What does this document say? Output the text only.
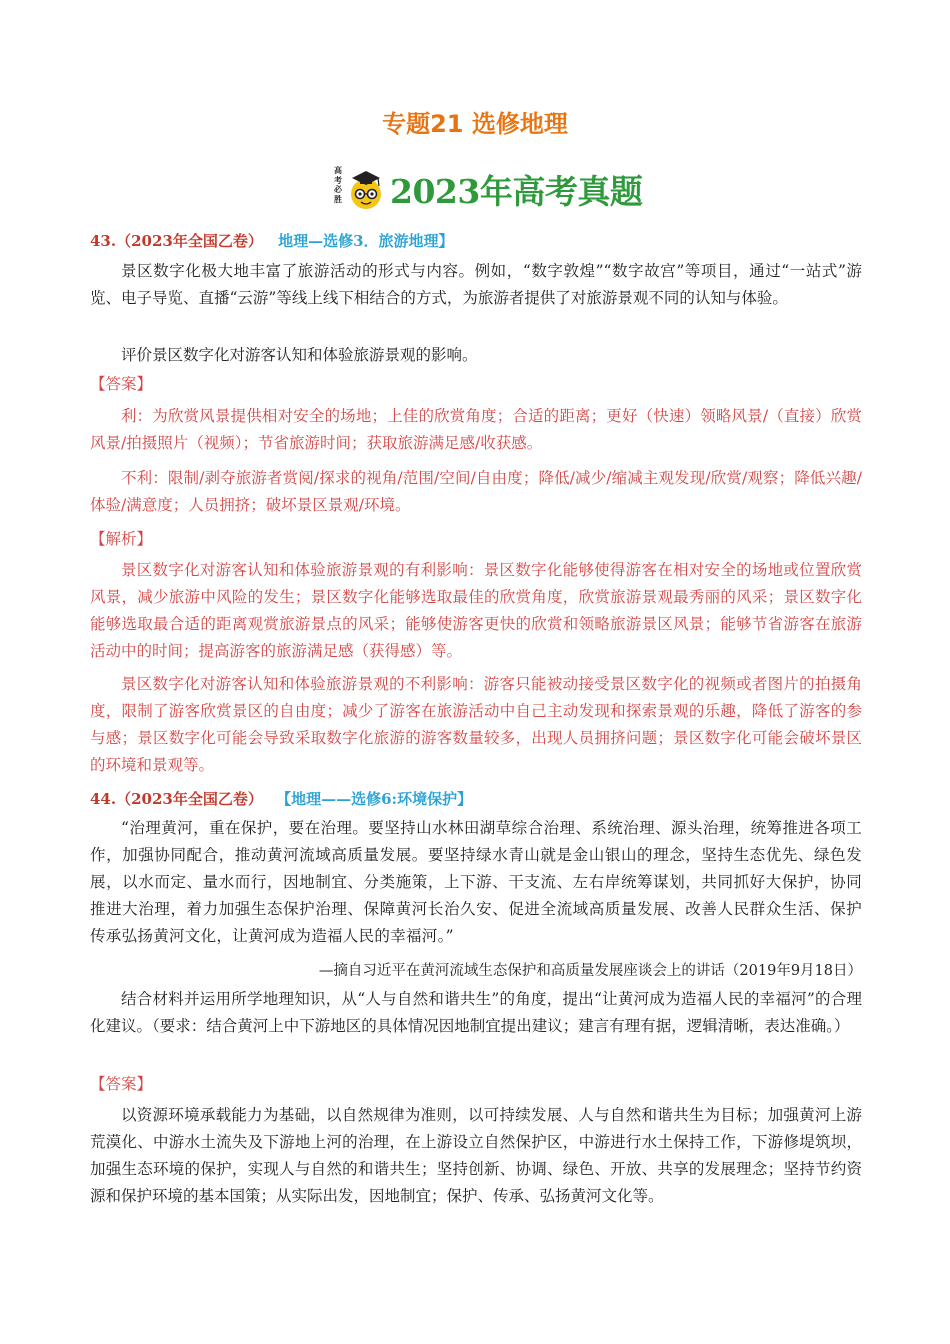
专题21 选修地理
高
考
必
胜 2023年高考真题
43.（2023年全国乙卷） 地理—选修3．旅游地理】
景区数字化极大地丰富了旅游活动的形式与内容。例如，“数字敦煌”“数字故宫”等项目，通过“一站式”游览、电子导览、直播“云游”等线上线下相结合的方式，为旅游者提供了对旅游景观不同的认知与体验。
评价景区数字化对游客认知和体验旅游景观的影响。
【答案】
利：为欣赏风景提供相对安全的场地；上佳的欣赏角度；合适的距离；更好（快速）领略风景/（直接）欣赏风景/拍摄照片（视频）；节省旅游时间；获取旅游满足感/收获感。
不利：限制/剥夺旅游者赏阅/探求的视角/范围/空间/自由度；降低/减少/缩减主观发现/欣赏/观察；降低兴趣/体验/满意度；人员拥挤；破坏景区景观/环境。
【解析】
景区数字化对游客认知和体验旅游景观的有利影响：景区数字化能够使得游客在相对安全的场地或位置欣赏风景，减少旅游中风险的发生；景区数字化能够选取最佳的欣赏角度，欣赏旅游景观最秀丽的风采；景区数字化能够选取最合适的距离观赏旅游景点的风采；能够使游客更快的欣赏和领略旅游景区风景；能够节省游客在旅游活动中的时间；提高游客的旅游满足感（获得感）等。
景区数字化对游客认知和体验旅游景观的不利影响：游客只能被动接受景区数字化的视频或者图片的拍摄角度，限制了游客欣赏景区的自由度；减少了游客在旅游活动中自己主动发现和探索景观的乐趣，降低了游客的参与感；景区数字化可能会导致采取数字化旅游的游客数量较多，出现人员拥挤问题；景区数字化可能会破坏景区的环境和景观等。
44.（2023年全国乙卷） 【地理——选修6:环境保护】
“治理黄河，重在保护，要在治理。要坚持山水林田湖草综合治理、系统治理、源头治理，统筹推进各项工作，加强协同配合，推动黄河流域高质量发展。要坚持绿水青山就是金山银山的理念，坚持生态优先、绿色发展，以水而定、量水而行，因地制宜、分类施策，上下游、干支流、左右岸统筹谋划，共同抓好大保护，协同推进大治理，着力加强生态保护治理、保障黄河长治久安、促进全流域高质量发展、改善人民群众生活、保护传承弘扬黄河文化，让黄河成为造福人民的幸福河。”
—摘自习近平在黄河流域生态保护和高质量发展座谈会上的讲话（2019年9月18日）
结合材料并运用所学地理知识，从“人与自然和谐共生”的角度，提出“让黄河成为造福人民的幸福河”的合理化建议。（要求：结合黄河上中下游地区的具体情况因地制宜提出建议；建言有理有据，逻辑清晰，表达准确。）
【答案】
以资源环境承载能力为基础，以自然规律为准则，以可持续发展、人与自然和谐共生为目标；加强黄河上游荒漠化、中游水土流失及下游地上河的治理，在上游设立自然保护区，中游进行水土保持工作，下游修堤筑坝，加强生态环境的保护，实现人与自然的和谐共生；坚持创新、协调、绿色、开放、共享的发展理念；坚持节约资源和保护环境的基本国策；从实际出发，因地制宜；保护、传承、弘扬黄河文化等。
